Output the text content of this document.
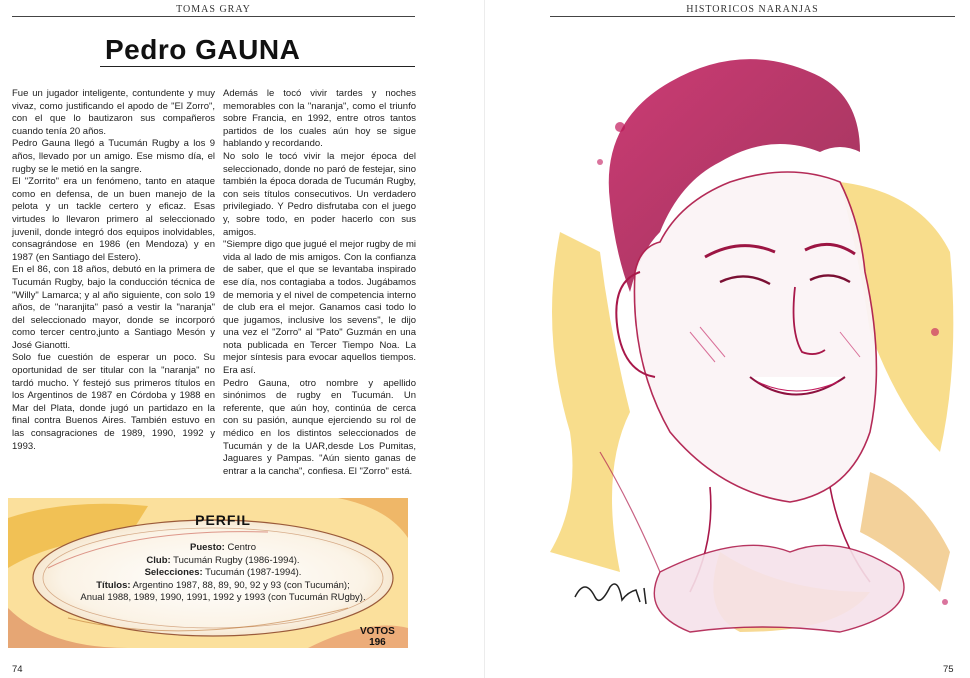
TOMAS GRAY
Pedro GAUNA

Fue un jugador inteligente, contundente y muy vivaz, como justificando el apodo de "El Zorro", con el que lo bautizaron sus compañeros cuando tenía 20 años.

Pedro Gauna llegó a Tucumán Rugby a los 9 años, llevado por un amigo. Ese mismo día, el rugby se le metió en la sangre.

El "Zorrito" era un fenómeno, tanto en ataque como en defensa, de un buen manejo de la pelota y un tackle certero y eficaz. Esas virtudes lo llevaron primero al seleccionado juvenil, donde integró dos equipos inolvidables, consagrándose en 1986 (en Mendoza) y en 1987 (en Santiago del Estero).

En el 86, con 18 años, debutó en la primera de Tucumán Rugby, bajo la conducción técnica de "Willy" Lamarca; y al año siguiente, con solo 19 años, de "naranjita" pasó a vestir la "naranja" del seleccionado mayor, donde se incorporó como tercer centro,junto a Santiago Mesón y José Gianotti.

Solo fue cuestión de esperar un poco. Su oportunidad de ser titular con la "naranja" no tardó mucho. Y festejó sus primeros títulos en los Argentinos de 1987 en Córdoba y 1988 en Mar del Plata, donde jugó un partidazo en la final contra Buenos Aires. También estuvo en las consagraciones de 1989, 1990, 1992 y 1993.

Además le tocó vivir tardes y noches memorables con la "naranja", como el triunfo sobre Francia, en 1992, entre otros tantos partidos de los cuales aún hoy se sigue hablando y recordando.

No solo le tocó vivir la mejor época del seleccionado, donde no paró de festejar, sino también la época dorada de Tucumán Rugby, con seis títulos consecutivos. Un verdadero privilegiado. Y Pedro disfrutaba con el juego y, sobre todo, en poder hacerlo con sus amigos.

"Siempre digo que jugué el mejor rugby de mi vida al lado de mis amigos. Con la confianza de saber, que el que se levantaba inspirado ese día, nos contagiaba a todos. Jugábamos de memoria y el nivel de competencia interno de club era el mejor. Ganamos casi todo lo que jugamos, inclusive los sevens", le dijo una vez el "Zorro" al "Pato" Guzmán en una nota publicada en Tercer Tiempo Noa. La mejor síntesis para evocar aquellos tiempos. Era así.

Pedro Gauna, otro nombre y apellido sinónimos de rugby en Tucumán. Un referente, que aún hoy, continúa de cerca con su pasión, aunque ejerciendo su rol de médico en los distintos seleccionados de Tucumán y de la UAR,desde Los Pumitas, Jaguares y Pampas. "Aún siento ganas de entrar a la cancha", confiesa. El "Zorro" está.

PERFIL
Puesto: Centro
Club: Tucumán Rugby (1986-1994).
Selecciones: Tucumán (1987-1994).
Títulos: Argentino 1987, 88, 89, 90, 92 y 93 (con Tucumán);
Anual 1988, 1989, 1990, 1991, 1992 y 1993 (con Tucumán RUgby).
VOTOS
196
74
HISTORICOS NARANJAS
75
